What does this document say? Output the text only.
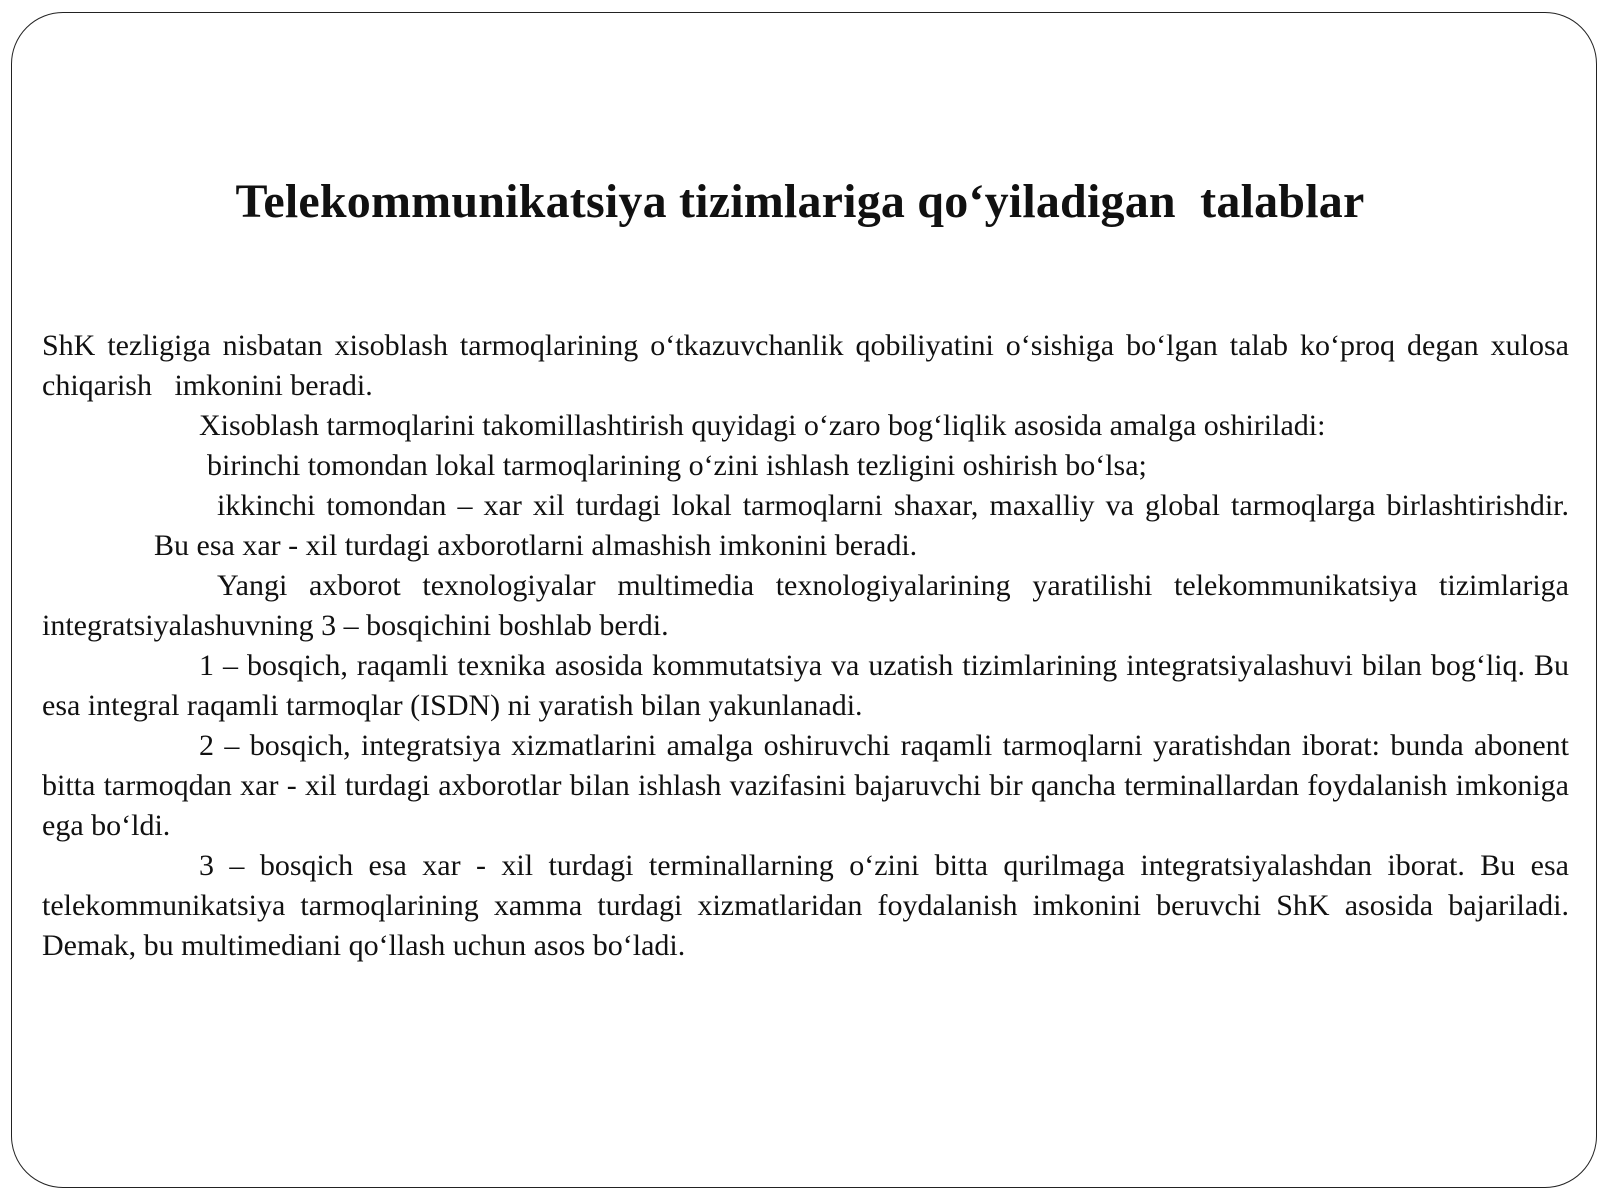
Telekommunikatsiya tizimlariga qo‘yiladigan  talablar

ShK tezligiga nisbatan xisoblash tarmoqlarining o‘tkazuvchanlik qobiliyatini o‘sishiga bo‘lgan talab ko‘proq degan xulosa chiqarish   imkonini beradi.

Xisoblash tarmoqlarini takomillashtirish quyidagi o‘zaro bog‘liqlik asosida amalga oshiriladi:

birinchi tomondan lokal tarmoqlarining o‘zini ishlash tezligini oshirish bo‘lsa;

ikkinchi tomondan – xar xil turdagi lokal tarmoqlarni shaxar, maxalliy va global tarmoqlarga birlashtirishdir.Bu esa xar - xil turdagi axborotlarni almashish imkonini beradi.

Yangi axborot texnologiyalar multimedia texnologiyalarining yaratilishi telekommunikatsiya tizimlariga integratsiyalashuvning 3 – bosqichini boshlab berdi.

1 – bosqich, raqamli texnika asosida kommutatsiya va uzatish tizimlarining integratsiyalashuvi bilan bog‘liq. Bu esa integral raqamli tarmoqlar (ISDN) ni yaratish bilan yakunlanadi.

2 – bosqich, integratsiya xizmatlarini amalga oshiruvchi raqamli tarmoqlarni yaratishdan iborat: bunda abonent bitta tarmoqdan xar - xil turdagi axborotlar bilan ishlash vazifasini bajaruvchi bir qancha terminallardan foydalanish imkoniga ega bo‘ldi.

3 – bosqich esa xar - xil turdagi terminallarning o‘zini bitta qurilmaga integratsiyalashdan iborat. Bu esa telekommunikatsiya tarmoqlarining xamma turdagi xizmatlaridan foydalanish imkonini beruvchi ShK asosida bajariladi. Demak, bu multimediani qo‘llash uchun asos bo‘ladi.
